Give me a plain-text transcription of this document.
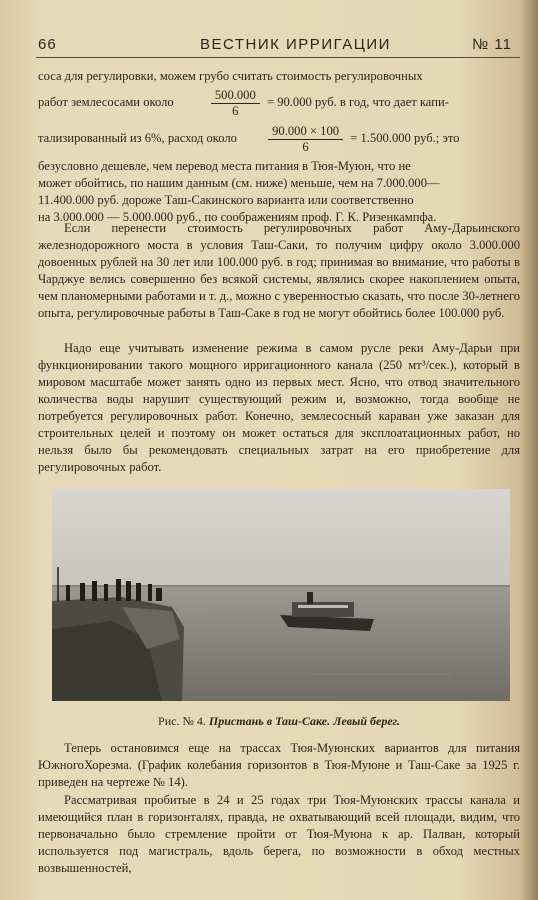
66	ВЕСТНИК ИРРИГАЦИИ	№ 11
соса для регулировки, можем грубо считать стоимость регулировочных
работ землесосами около	$\frac{500.000}{6} = 90.000$ руб. в год, что дает капи-
тализированный из 6%, расход около $\frac{90.000 \times 100}{6} = 1.500.000$ руб.; это
безусловно дешевле, чем перевод места питания в Тюя-Муюн, что не
может обойтись, по нашим данным (см. ниже) меньше, чем на 7.000.000—
11.400.000 руб. дороже Таш-Сакинского варианта или соответственно
на 3.000.000 — 5.000.000 руб., по соображениям проф. Г. К. Ризенкампфа.

Если перенести стоимость регулировочных работ Аму-Дарьинского железнодорожного моста в условия Таш-Саки, то получим цифру около 3.000.000 довоенных рублей на 30 лет или 100.000 руб. в год; принимая во внимание, что работы в Чарджуе велись совершенно без всякой системы, являлись скорее накоплением опыта, чем планомерными работами и т. д., можно с уверенностью сказать, что после 30-летнего опыта, регулировочные работы в Таш-Саке в год не могут обойтись более 100.000 руб.

Надо еще учитывать изменение режима в самом русле реки Аму-Дарьи при функционировании такого мощного ирригационного канала (250 мт³/сек.), который в мировом масштабе может занять одно из первых мест. Ясно, что отвод значительного количества воды нарушит существующий режим и, возможно, тогда вообще не потребуется регулировочных работ. Конечно, землесосный караван уже заказан для строительных целей и поэтому он может остаться для эксплоатационных работ, но нельзя было бы рекомендовать специальных затрат на его приобретение для регулировочных работ.

Рис. № 4. Пристань в Таш-Саке. Левый берег.

Теперь остановимся еще на трассах Тюя-Муюнских вариантов для питания ЮжногоХорезма. (График колебания горизонтов в Тюя-Муюне и Таш-Саке за 1925 г. приведен на чертеже № 14).

Рассматривая пробитые в 24 и 25 годах три Тюя-Муюнских трассы канала и имеющийся план в горизонталях, правда, не охватывающий всей площади, видим, что первоначально было стремление пройти от Тюя-Муюна к ар. Палван, который используется под магистраль, вдоль берега, по возможности в обход местных возвышенностей,
